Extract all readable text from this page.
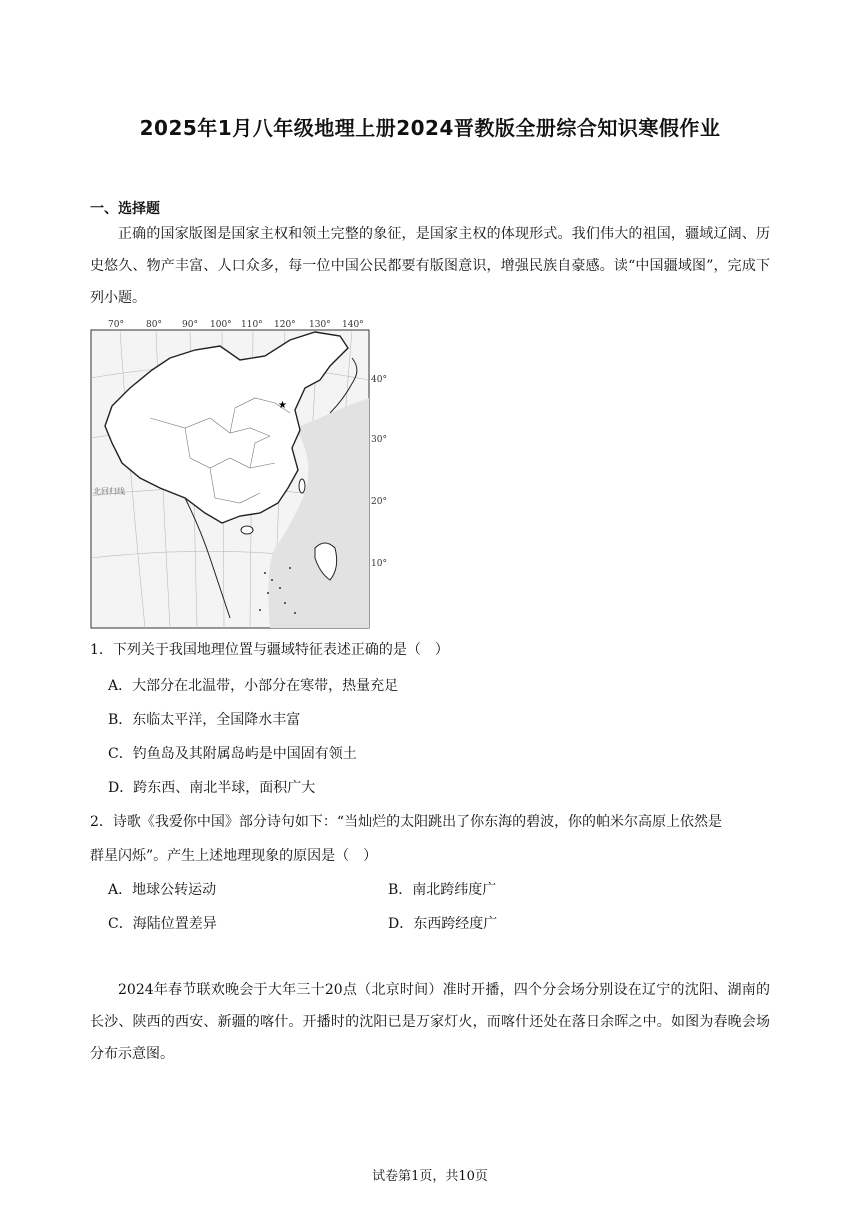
2025年1月八年级地理上册2024晋教版全册综合知识寒假作业
一、选择题
正确的国家版图是国家主权和领土完整的象征，是国家主权的体现形式。我们伟大的祖国，疆域辽阔、历史悠久、物产丰富、人口众多，每一位中国公民都要有版图意识，增强民族自豪感。读“中国疆域图”，完成下列小题。
70° 80° 90° 100° 110° 120° 130° 140°
40°
30°
20°
10°
★
北回归线
1．下列关于我国地理位置与疆域特征表述正确的是（　）
A．大部分在北温带，小部分在寒带，热量充足
B．东临太平洋，全国降水丰富
C．钓鱼岛及其附属岛屿是中国固有领土
D．跨东西、南北半球，面积广大
2．诗歌《我爱你中国》部分诗句如下：“当灿烂的太阳跳出了你东海的碧波，你的帕米尔高原上依然是
群星闪烁”。产生上述地理现象的原因是（　）
A．地球公转运动	B．南北跨纬度广
C．海陆位置差异	D．东西跨经度广
2024年春节联欢晚会于大年三十20点（北京时间）准时开播，四个分会场分别设在辽宁的沈阳、湖南的长沙、陕西的西安、新疆的喀什。开播时的沈阳已是万家灯火，而喀什还处在落日余晖之中。如图为春晚会场分布示意图。
试卷第1页，共10页
